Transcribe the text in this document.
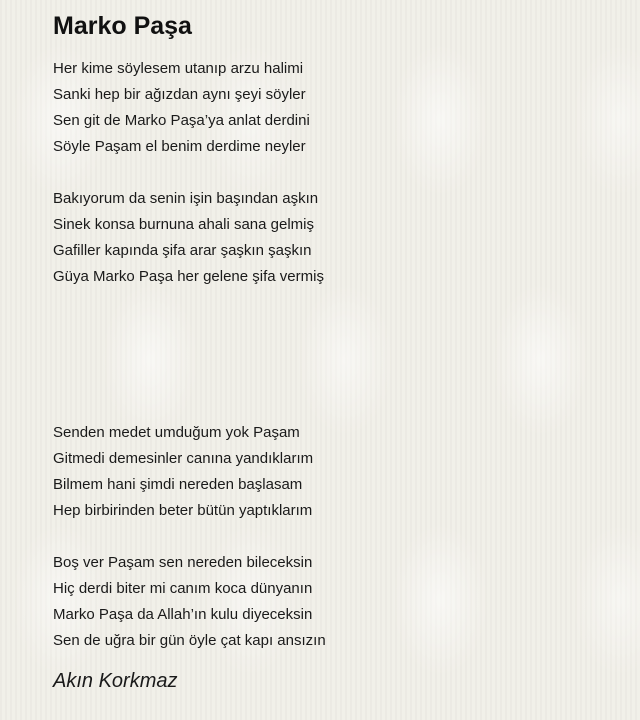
Marko Paşa

Her kime söylesem utanıp arzu halimi
Sanki hep bir ağızdan aynı şeyi söyler
Sen git de Marko Paşa’ya anlat derdini
Söyle Paşam el benim derdime neyler

Bakıyorum da senin işin başından aşkın
Sinek konsa burnuna ahali sana gelmiş
Gafiller kapında şifa arar şaşkın şaşkın
Güya Marko Paşa her gelene şifa vermiş

Senden medet umduğum yok Paşam
Gitmedi demesinler canına yandıklarım
Bilmem hani şimdi nereden başlasam
Hep birbirinden beter bütün yaptıklarım

Boş ver Paşam sen nereden bileceksin
Hiç derdi biter mi canım koca dünyanın
Marko Paşa da Allah’ın kulu diyeceksin
Sen de uğra bir gün öyle çat kapı ansızın

Akın Korkmaz
